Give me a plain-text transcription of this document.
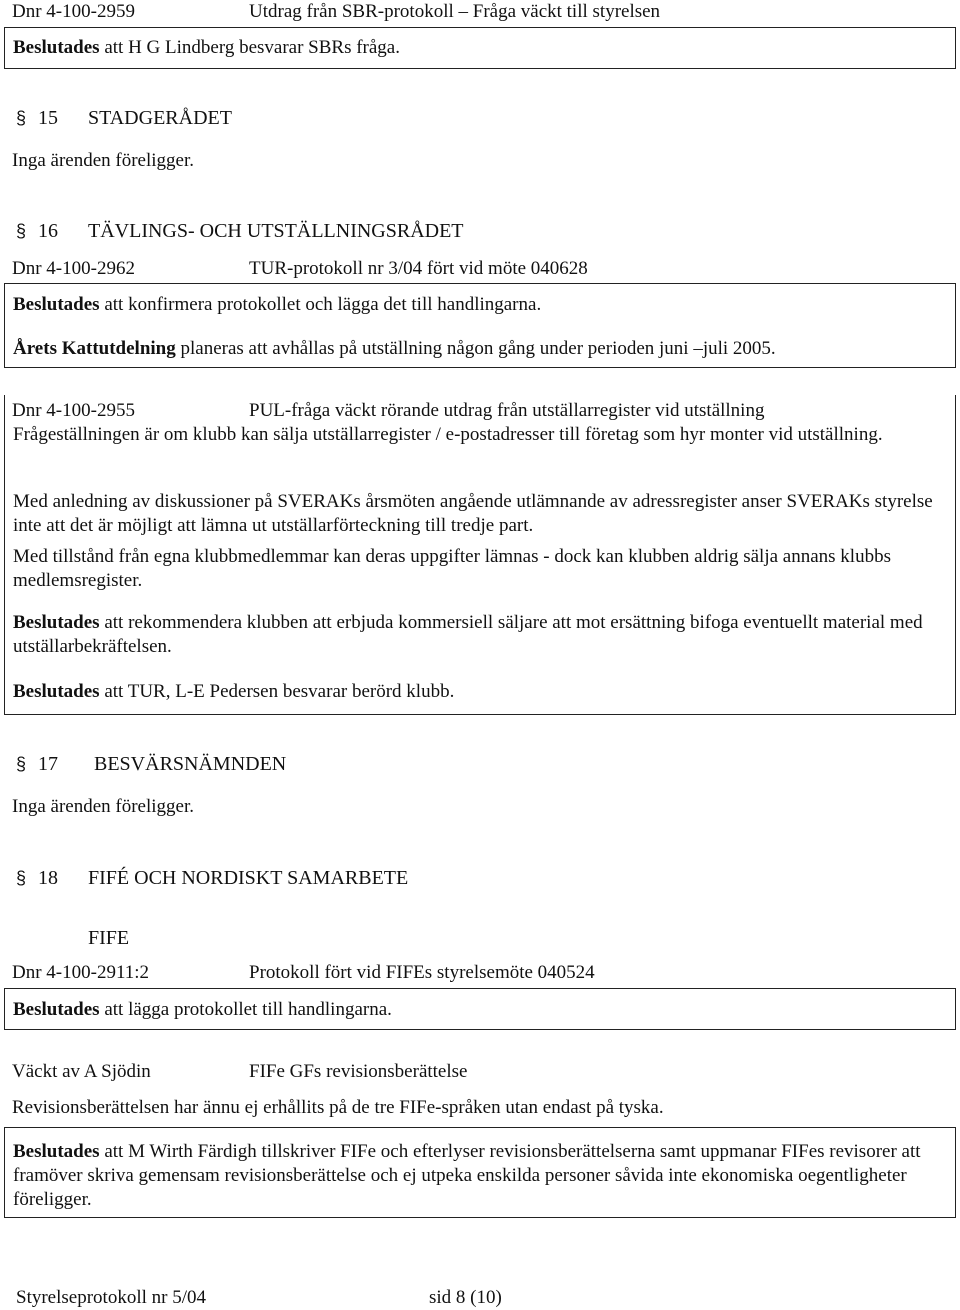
Dnr 4-100-2959	Utdrag från SBR-protokoll – Fråga väckt till styrelsen
Beslutades att H G Lindberg besvarar SBRs fråga.
§ 15 STADGERÅDET
Inga ärenden föreligger.
§ 16 TÄVLINGS- OCH UTSTÄLLNINGSRÅDET
Dnr 4-100-2962	TUR-protokoll nr 3/04 fört vid möte 040628
Beslutades att konfirmera protokollet och lägga det till handlingarna.
Årets Kattutdelning planeras att avhållas på utställning någon gång under perioden juni –juli 2005.
Dnr 4-100-2955	PUL-fråga väckt rörande utdrag från utställarregister vid utställning
Frågeställningen är om klubb kan sälja utställarregister / e-postadresser till företag som hyr monter vid utställning.
Med anledning av diskussioner på SVERAKs årsmöten angående utlämnande av adressregister anser SVERAKs styrelse inte att det är möjligt att lämna ut utställarförteckning till tredje part.
Med tillstånd från egna klubbmedlemmar kan deras uppgifter lämnas - dock kan klubben aldrig sälja annans klubbs medlemsregister.
Beslutades att rekommendera klubben att erbjuda kommersiell säljare att mot ersättning bifoga eventuellt material med utställarbekräftelsen.
Beslutades att TUR, L-E Pedersen besvarar berörd klubb.
§ 17 BESVÄRSNÄMNDEN
Inga ärenden föreligger.
§ 18 FIFÉ OCH NORDISKT SAMARBETE
FIFE
Dnr 4-100-2911:2	Protokoll fört vid FIFEs styrelsemöte 040524
Beslutades att lägga protokollet till handlingarna.
Väckt av A Sjödin	FIFe GFs revisionsberättelse
Revisionsberättelsen har ännu ej erhållits på de tre FIFe-språken utan endast på tyska.
Beslutades att M Wirth Färdigh tillskriver FIFe och efterlyser revisionsberättelserna samt uppmanar FIFes revisorer att framöver skriva gemensam revisionsberättelse och ej utpeka enskilda personer såvida inte ekonomiska oegentligheter föreligger.
Styrelseprotokoll nr 5/04	sid 8 (10)
